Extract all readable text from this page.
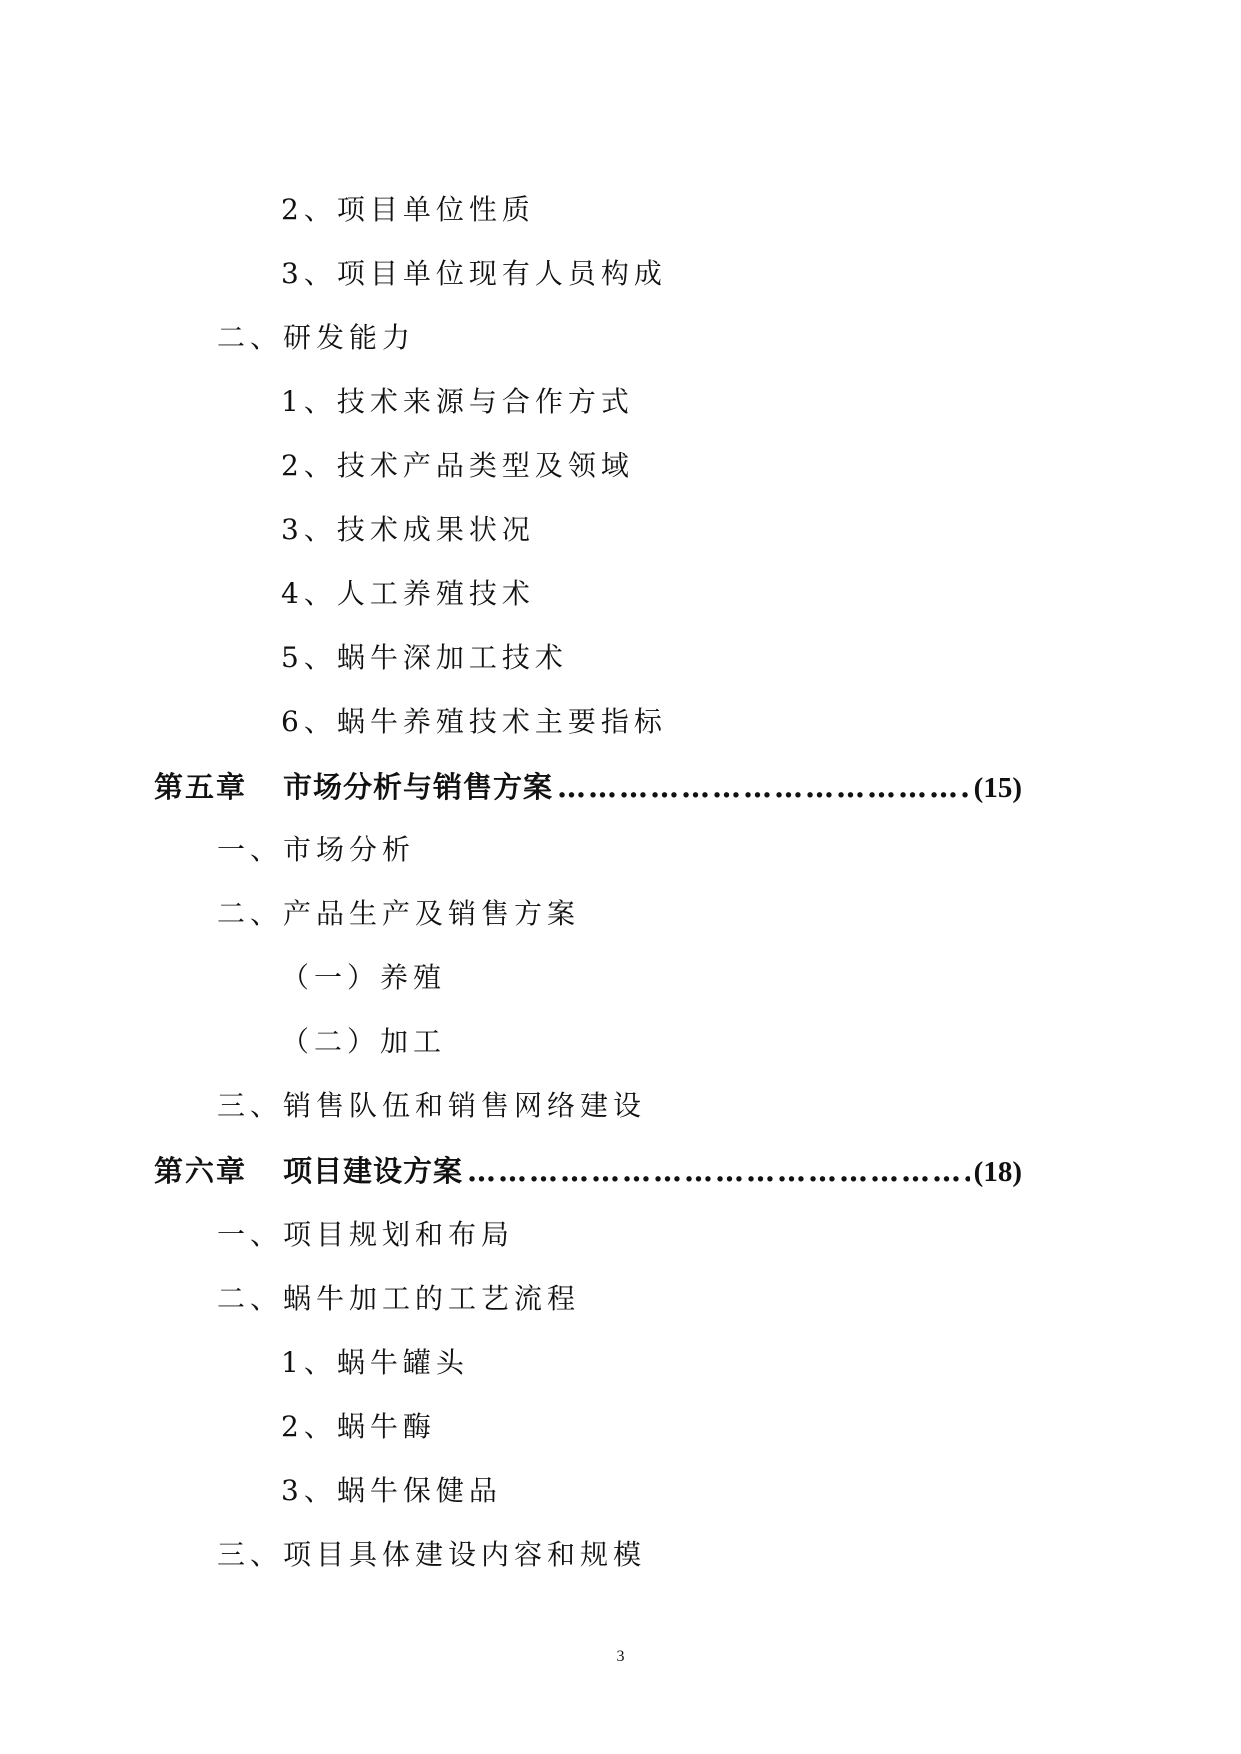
2、项目单位性质
3、项目单位现有人员构成
二、研发能力
1、技术来源与合作方式
2、技术产品类型及领域
3、技术成果状况
4、人工养殖技术
5、蜗牛深加工技术
6、蜗牛养殖技术主要指标
第五章 市场分析与销售方案 …………………………………………………………………………………………………………………………	(15)
一、市场分析
二、产品生产及销售方案
（一）养殖
（二）加工
三、销售队伍和销售网络建设
第六章 项目建设方案 …………………………………………………………………………………………………………………………	(18)
一、项目规划和布局
二、蜗牛加工的工艺流程
1、蜗牛罐头
2、蜗牛酶
3、蜗牛保健品
三、项目具体建设内容和规模
3
